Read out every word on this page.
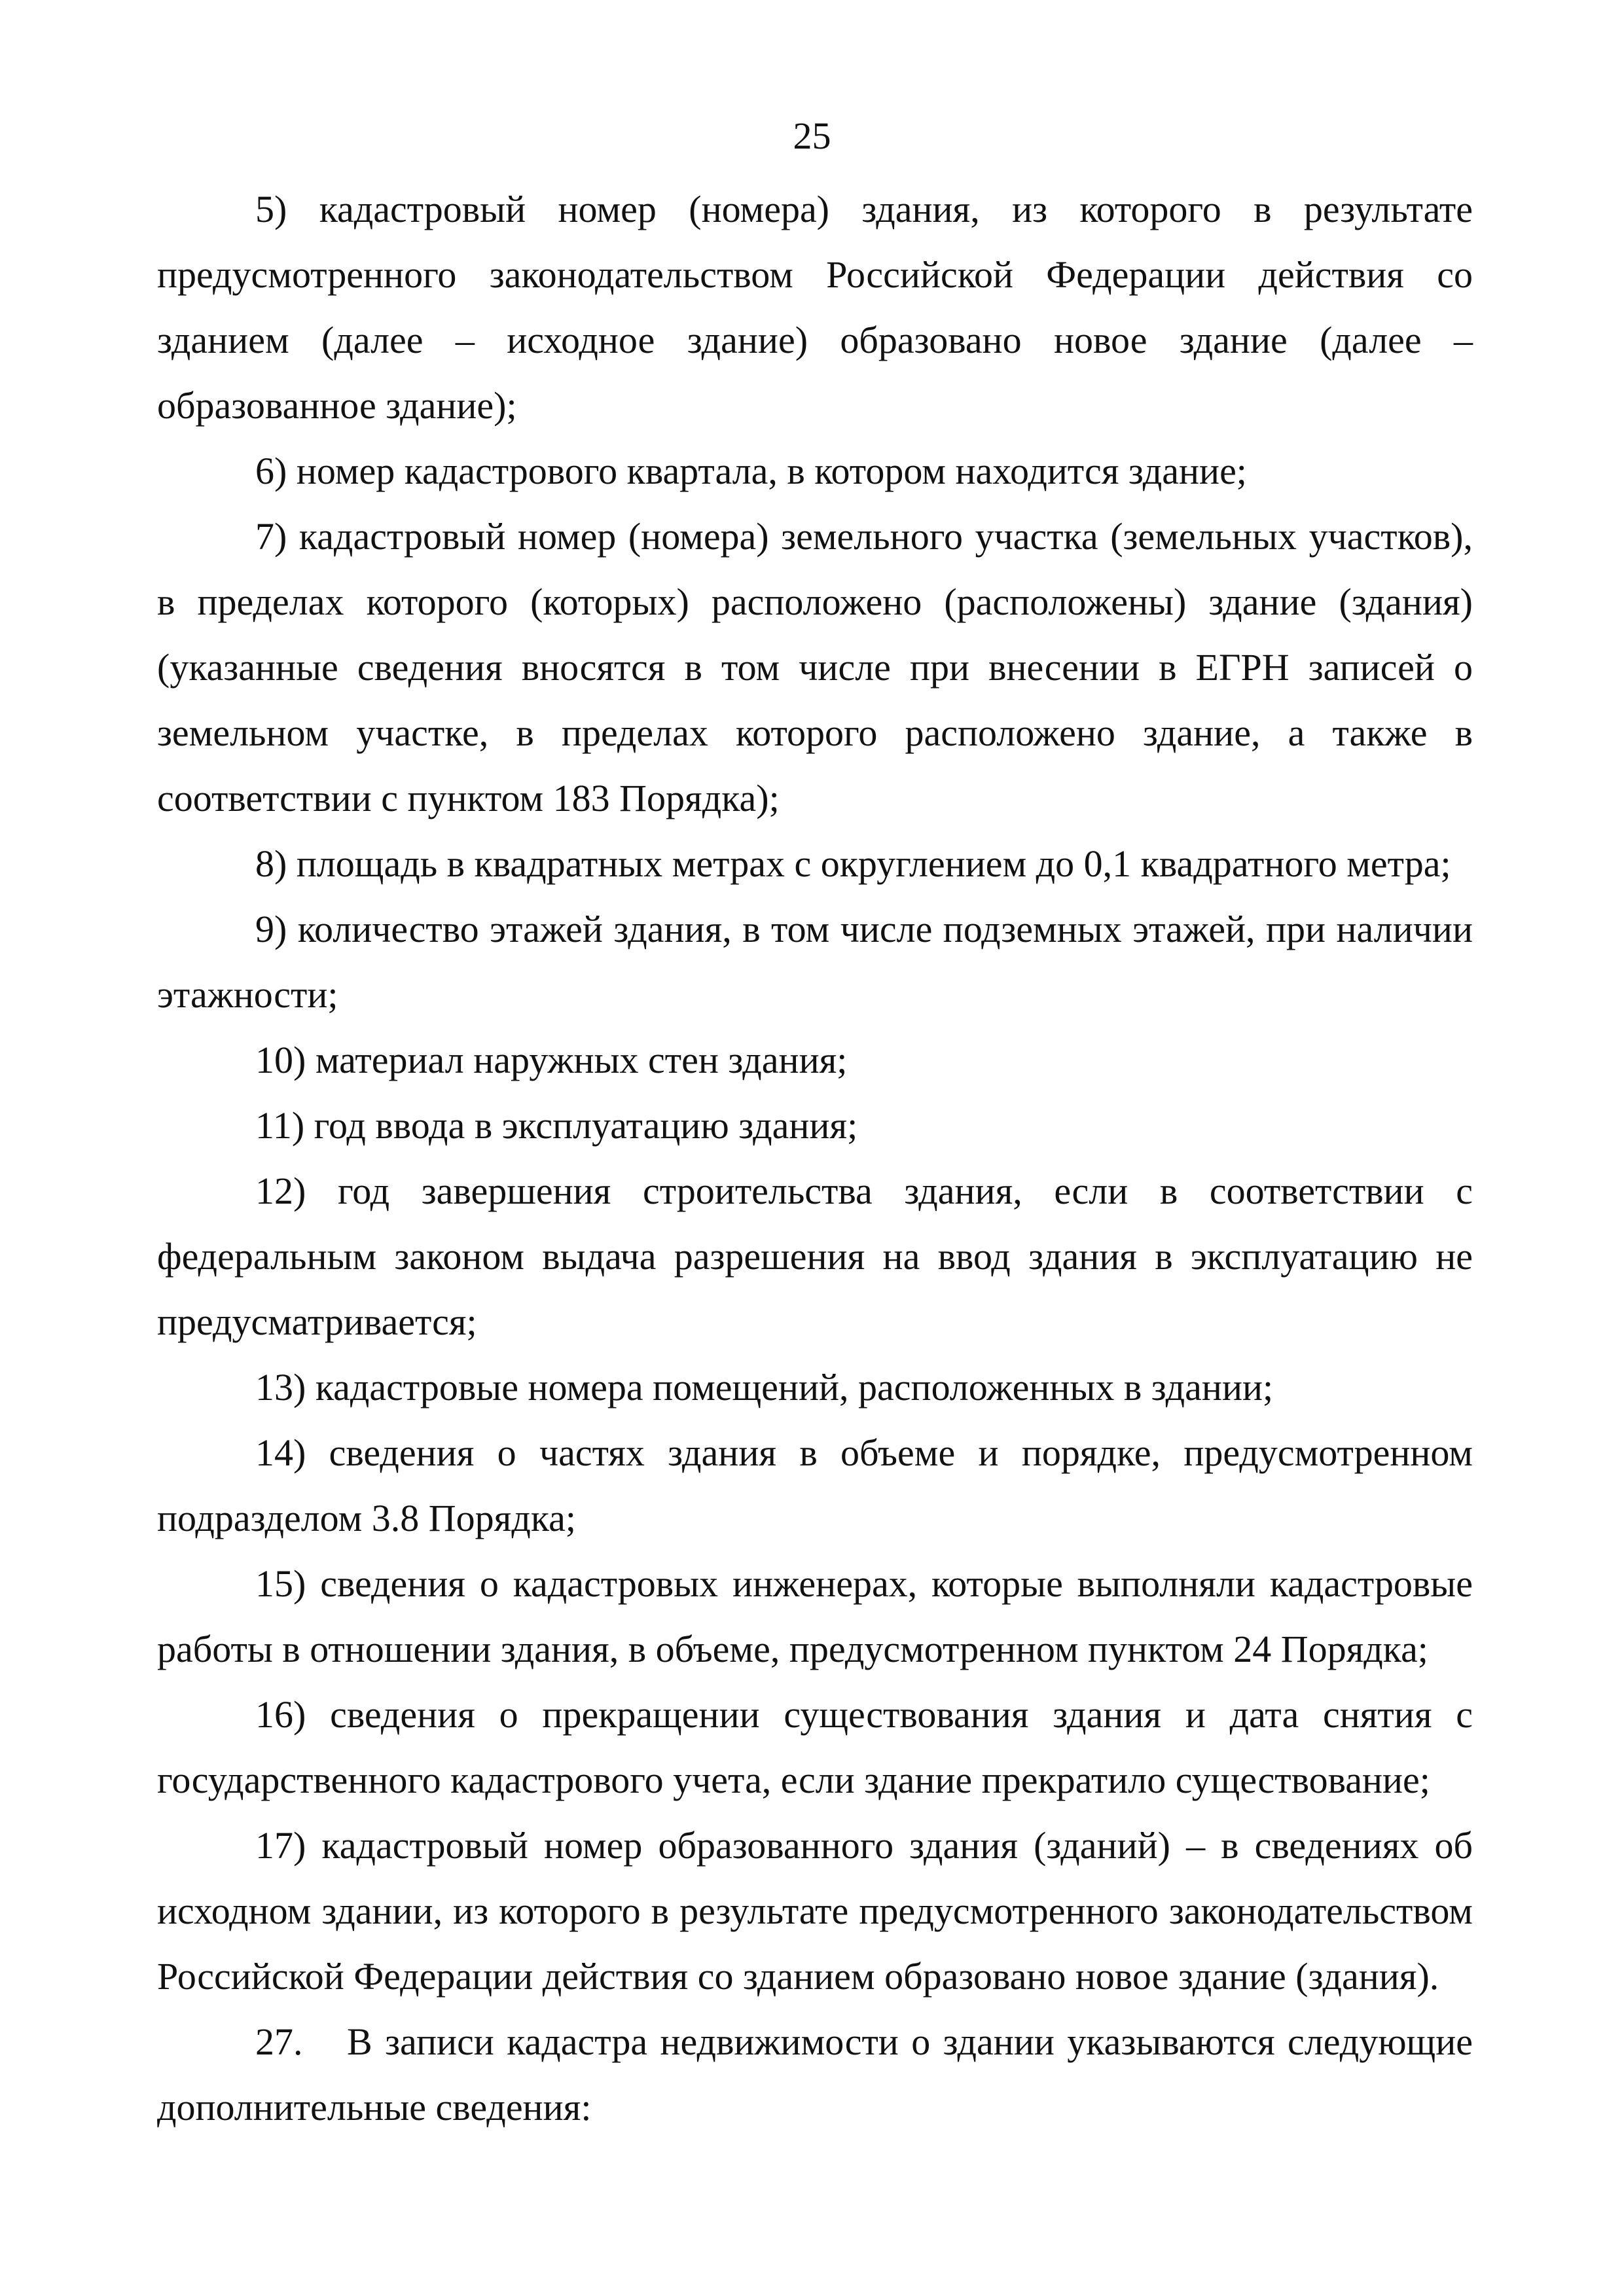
25

5) кадастровый номер (номера) здания, из которого в результате предусмотренного законодательством Российской Федерации действия со зданием (далее – исходное здание) образовано новое здание (далее – образованное здание);

6) номер кадастрового квартала, в котором находится здание;

7) кадастровый номер (номера) земельного участка (земельных участков), в пределах которого (которых) расположено (расположены) здание (здания) (указанные сведения вносятся в том числе при внесении в ЕГРН записей о земельном участке, в пределах которого расположено здание, а также в соответствии с пунктом 183 Порядка);

8) площадь в квадратных метрах с округлением до 0,1 квадратного метра;

9) количество этажей здания, в том числе подземных этажей, при наличии этажности;

10) материал наружных стен здания;

11) год ввода в эксплуатацию здания;

12) год завершения строительства здания, если в соответствии с федеральным законом выдача разрешения на ввод здания в эксплуатацию не предусматривается;

13) кадастровые номера помещений, расположенных в здании;

14) сведения о частях здания в объеме и порядке, предусмотренном подразделом 3.8 Порядка;

15) сведения о кадастровых инженерах, которые выполняли кадастровые работы в отношении здания, в объеме, предусмотренном пунктом 24 Порядка;

16) сведения о прекращении существования здания и дата снятия с государственного кадастрового учета, если здание прекратило существование;

17) кадастровый номер образованного здания (зданий) – в сведениях об исходном здании, из которого в результате предусмотренного законодательством Российской Федерации действия со зданием образовано новое здание (здания).

27. В записи кадастра недвижимости о здании указываются следующие дополнительные сведения:
